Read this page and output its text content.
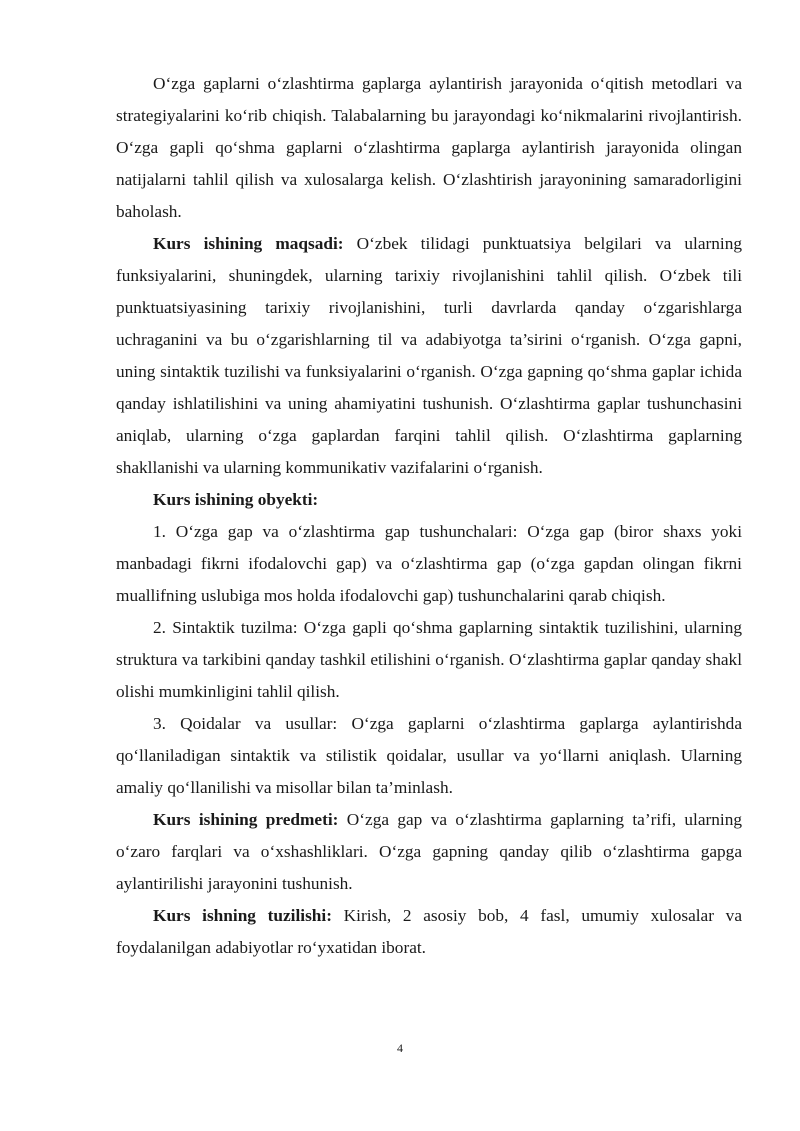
O‘zga gaplarni o‘zlashtirma gaplarga aylantirish jarayonida o‘qitish metodlari va strategiyalarini ko‘rib chiqish. Talabalarning bu jarayondagi ko‘nikmalarini rivojlantirish. O‘zga gapli qo‘shma gaplarni o‘zlashtirma gaplarga aylantirish jarayonida olingan natijalarni tahlil qilish va xulosalarga kelish. O‘zlashtirish jarayonining samaradorligini baholash.

Kurs ishining maqsadi: O‘zbek tilidagi punktuatsiya belgilari va ularning funksiyalarini, shuningdek, ularning tarixiy rivojlanishini tahlil qilish. O‘zbek tili punktuatsiyasining tarixiy rivojlanishini, turli davrlarda qanday o‘zgarishlarga uchraganini va bu o‘zgarishlarning til va adabiyotga ta’sirini o‘rganish. O‘zga gapni, uning sintaktik tuzilishi va funksiyalarini o‘rganish. O‘zga gapning qo‘shma gaplar ichida qanday ishlatilishini va uning ahamiyatini tushunish. O‘zlashtirma gaplar tushunchasini aniqlab, ularning o‘zga gaplardan farqini tahlil qilish. O‘zlashtirma gaplarning shakllanishi va ularning kommunikativ vazifalarini o‘rganish.

Kurs ishining obyekti:

1. O‘zga gap va o‘zlashtirma gap tushunchalari: O‘zga gap (biror shaxs yoki manbadagi fikrni ifodalovchi gap) va o‘zlashtirma gap (o‘zga gapdan olingan fikrni muallifning uslubiga mos holda ifodalovchi gap) tushunchalarini qarab chiqish.

2. Sintaktik tuzilma: O‘zga gapli qo‘shma gaplarning sintaktik tuzilishini, ularning struktura va tarkibini qanday tashkil etilishini o‘rganish. O‘zlashtirma gaplar qanday shakl olishi mumkinligini tahlil qilish.

3. Qoidalar va usullar: O‘zga gaplarni o‘zlashtirma gaplarga aylantirishda qo‘llaniladigan sintaktik va stilistik qoidalar, usullar va yo‘llarni aniqlash. Ularning amaliy qo‘llanilishi va misollar bilan ta’minlash.

Kurs ishining predmeti: O‘zga gap va o‘zlashtirma gaplarning ta’rifi, ularning o‘zaro farqlari va o‘xshashliklari. O‘zga gapning qanday qilib o‘zlashtirma gapga aylantirilishi jarayonini tushunish.

Kurs ishning tuzilishi: Kirish, 2 asosiy bob, 4 fasl, umumiy xulosalar va foydalanilgan adabiyotlar ro‘yxatidan iborat.

4
